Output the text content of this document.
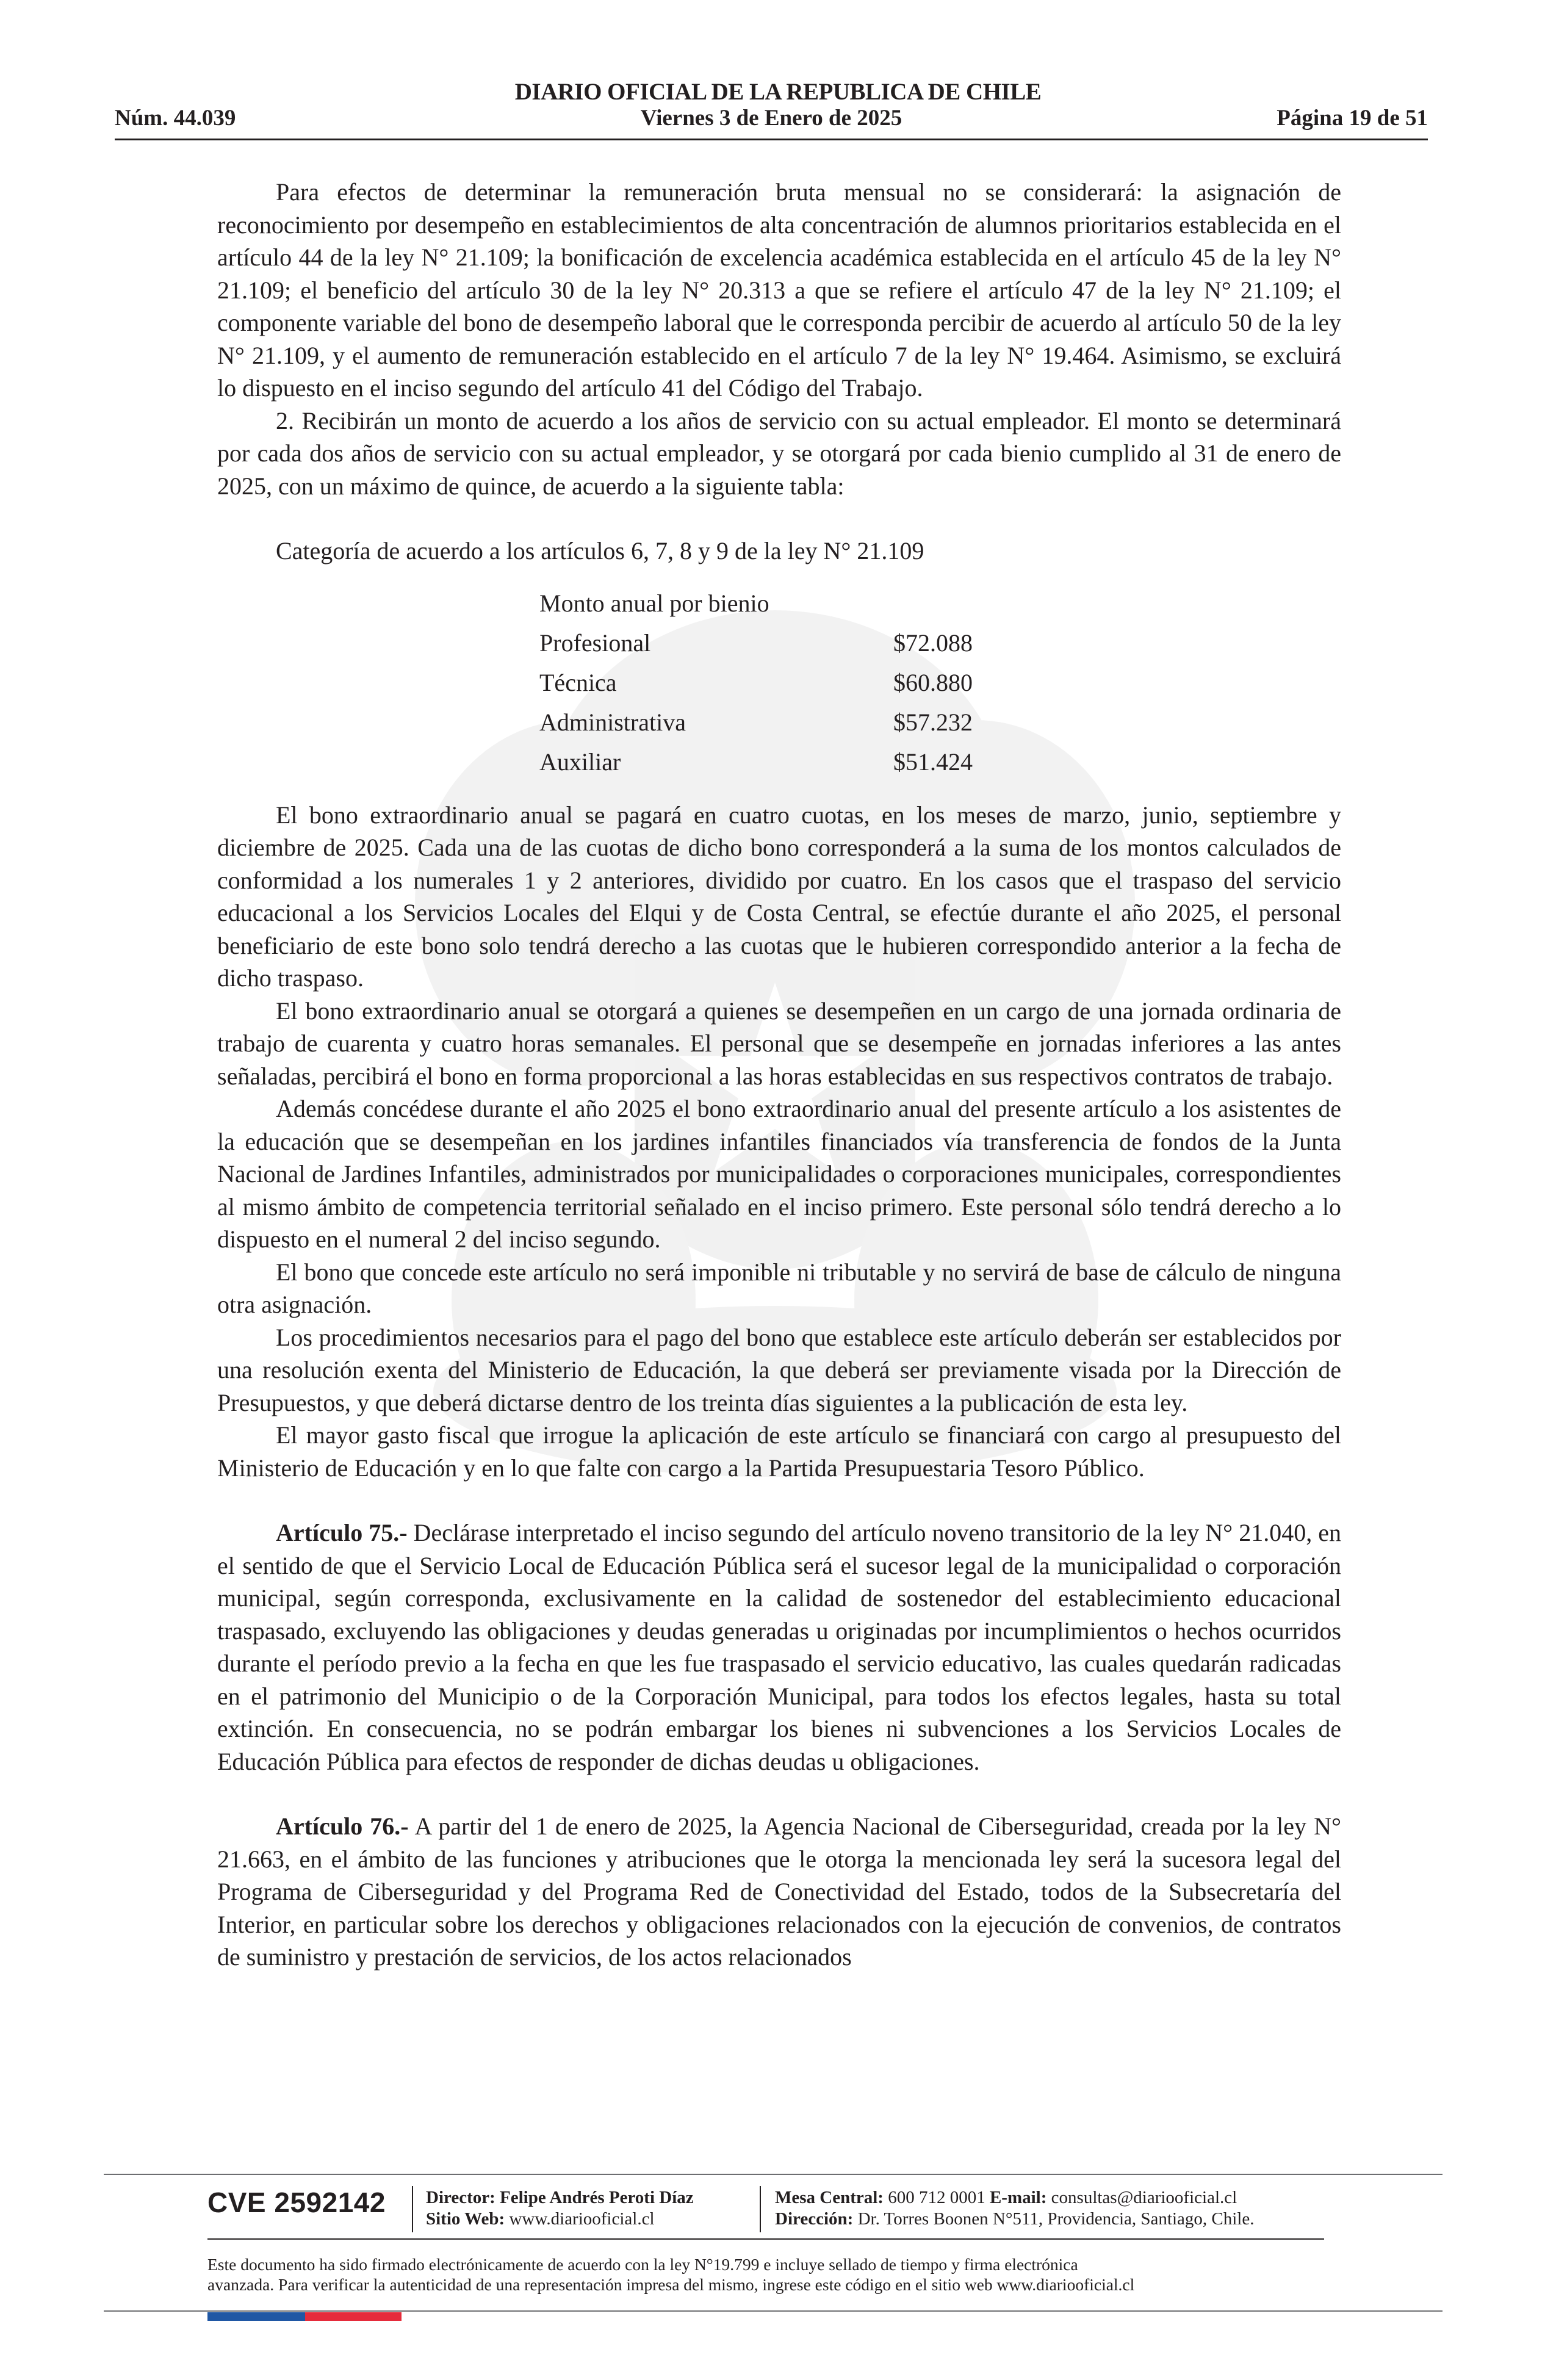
DIARIO OFICIAL DE LA REPUBLICA DE CHILE
Núm. 44.039	Viernes 3 de Enero de 2025	Página 19 de 51

Para efectos de determinar la remuneración bruta mensual no se considerará: la asignación de reconocimiento por desempeño en establecimientos de alta concentración de alumnos prioritarios establecida en el artículo 44 de la ley N° 21.109; la bonificación de excelencia académica establecida en el artículo 45 de la ley N° 21.109; el beneficio del artículo 30 de la ley N° 20.313 a que se refiere el artículo 47 de la ley N° 21.109; el componente variable del bono de desempeño laboral que le corresponda percibir de acuerdo al artículo 50 de la ley N° 21.109, y el aumento de remuneración establecido en el artículo 7 de la ley N° 19.464. Asimismo, se excluirá lo dispuesto en el inciso segundo del artículo 41 del Código del Trabajo.

2. Recibirán un monto de acuerdo a los años de servicio con su actual empleador. El monto se determinará por cada dos años de servicio con su actual empleador, y se otorgará por cada bienio cumplido al 31 de enero de 2025, con un máximo de quince, de acuerdo a la siguiente tabla:

Categoría de acuerdo a los artículos 6, 7, 8 y 9 de la ley N° 21.109

Monto anual por bienio	
Profesional	$72.088
Técnica	$60.880
Administrativa	$57.232
Auxiliar	$51.424

El bono extraordinario anual se pagará en cuatro cuotas, en los meses de marzo, junio, septiembre y diciembre de 2025. Cada una de las cuotas de dicho bono corresponderá a la suma de los montos calculados de conformidad a los numerales 1 y 2 anteriores, dividido por cuatro. En los casos que el traspaso del servicio educacional a los Servicios Locales del Elqui y de Costa Central, se efectúe durante el año 2025, el personal beneficiario de este bono solo tendrá derecho a las cuotas que le hubieren correspondido anterior a la fecha de dicho traspaso.

El bono extraordinario anual se otorgará a quienes se desempeñen en un cargo de una jornada ordinaria de trabajo de cuarenta y cuatro horas semanales. El personal que se desempeñe en jornadas inferiores a las antes señaladas, percibirá el bono en forma proporcional a las horas establecidas en sus respectivos contratos de trabajo.

Además concédese durante el año 2025 el bono extraordinario anual del presente artículo a los asistentes de la educación que se desempeñan en los jardines infantiles financiados vía transferencia de fondos de la Junta Nacional de Jardines Infantiles, administrados por municipalidades o corporaciones municipales, correspondientes al mismo ámbito de competencia territorial señalado en el inciso primero. Este personal sólo tendrá derecho a lo dispuesto en el numeral 2 del inciso segundo.

El bono que concede este artículo no será imponible ni tributable y no servirá de base de cálculo de ninguna otra asignación.

Los procedimientos necesarios para el pago del bono que establece este artículo deberán ser establecidos por una resolución exenta del Ministerio de Educación, la que deberá ser previamente visada por la Dirección de Presupuestos, y que deberá dictarse dentro de los treinta días siguientes a la publicación de esta ley.

El mayor gasto fiscal que irrogue la aplicación de este artículo se financiará con cargo al presupuesto del Ministerio de Educación y en lo que falte con cargo a la Partida Presupuestaria Tesoro Público.

Artículo 75.- Declárase interpretado el inciso segundo del artículo noveno transitorio de la ley N° 21.040, en el sentido de que el Servicio Local de Educación Pública será el sucesor legal de la municipalidad o corporación municipal, según corresponda, exclusivamente en la calidad de sostenedor del establecimiento educacional traspasado, excluyendo las obligaciones y deudas generadas u originadas por incumplimientos o hechos ocurridos durante el período previo a la fecha en que les fue traspasado el servicio educativo, las cuales quedarán radicadas en el patrimonio del Municipio o de la Corporación Municipal, para todos los efectos legales, hasta su total extinción. En consecuencia, no se podrán embargar los bienes ni subvenciones a los Servicios Locales de Educación Pública para efectos de responder de dichas deudas u obligaciones.

Artículo 76.- A partir del 1 de enero de 2025, la Agencia Nacional de Ciberseguridad, creada por la ley N° 21.663, en el ámbito de las funciones y atribuciones que le otorga la mencionada ley será la sucesora legal del Programa de Ciberseguridad y del Programa Red de Conectividad del Estado, todos de la Subsecretaría del Interior, en particular sobre los derechos y obligaciones relacionados con la ejecución de convenios, de contratos de suministro y prestación de servicios, de los actos relacionados

CVE 2592142 Director: Felipe Andrés Peroti Díaz
Sitio Web: www.diariooficial.cl
Mesa Central: 600 712 0001 E-mail: consultas@diariooficial.cl
Dirección: Dr. Torres Boonen N°511, Providencia, Santiago, Chile.
Este documento ha sido firmado electrónicamente de acuerdo con la ley N°19.799 e incluye sellado de tiempo y firma electrónica
avanzada. Para verificar la autenticidad de una representación impresa del mismo, ingrese este código en el sitio web www.diariooficial.cl
